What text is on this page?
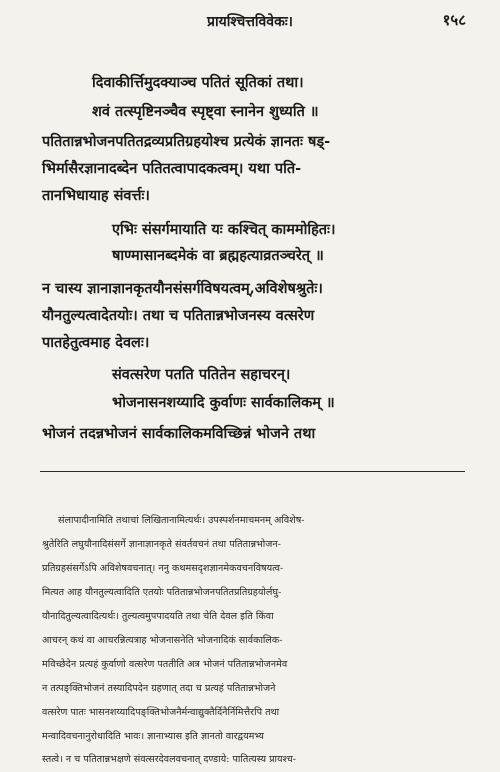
प्रायश्चित्तविवेकः।	१५८
दिवाकीर्त्तिमुदक्याञ्च पतितं सूतिकां तथा।
शवं तत्स्पृष्टिनञ्चैव स्पृष्ट्वा स्नानेन शुध्यति ॥
पतितान्नभोजनपतितद्रव्यप्रतिग्रहयोश्च प्रत्येकं ज्ञानतः षड्-
भिर्मासैरज्ञानादब्देन पतितत्वापादकत्वम्। यथा पति-
तानभिधायाह संवर्त्तः।
एभिः संसर्गमायाति यः कश्चित् काममोहितः।
षाण्मासानब्दमेकं वा ब्रह्महत्याव्रतञ्चरेत् ॥
न चास्य ज्ञानाज्ञानकृतयौनसंसर्गविषयत्वम्,अविशेषश्रुतेः।
यौनतुल्यत्वादेतयोः। तथा च पतितान्नभोजनस्य वत्सरेण
पातहेतुत्वमाह देवलः।
संवत्सरेण पतति पतितेन सहाचरन्।
भोजनासनशय्यादि कुर्वाणः सार्वकालिकम् ॥
भोजनं तदन्नभोजनं सार्वकालिकमविच्छिन्नं भोजने तथा
संलापादीनामिति तथाचां लिखितानामित्यर्थः। उपस्पर्शनमाचमनम् अविशेष-
श्रुतेरिति लघुयौनादिसंसर्गे ज्ञानाज्ञानकृते संवर्तवचनं तथा पतितान्नभोजन-
प्रतिग्रहसंसर्गेऽपि अविशेषवचनात्। ननु कथमसदृशज्ञानमेकवचनविषयत्व-
मित्यत आह यौनतुल्यत्वादिति एतयोः पतितान्नभोजनपतितप्रतिग्रहयोर्लघु-
यौनादितुल्यत्वादित्यर्थः। तुल्यत्वमुपपादयति तथा चेति देवल इति किंवा
आचरन् कथं वा आचरन्नित्यत्राह भोजनासनेति भोजनादिकं सार्वकालिक-
मविच्छेदेन प्रत्यहं कुर्वाणो वत्सरेण पततीति अत्र भोजनं पतितान्नभोजनमेव
न तत्पङ्क्तिभोजनं तस्यादिपदेन ग्रहणात् तदा च प्रत्यहं पतितान्नभोजने
वत्सरेण पातः भासनशय्यादिपङ्क्तिभोजनैर्मन्वाद्युक्तैर्दिनैर्निमित्तैरपि तथा
मन्वादिवचनानुरोधादिति भावः। ज्ञानाभ्यास इति ज्ञानतो वारद्वयमभ्य
स्तत्वे। न च पतितान्नभक्षणे संवत्सरदेवलवचनात् दण्डाये: पातित्यस्य प्रायश्च-
